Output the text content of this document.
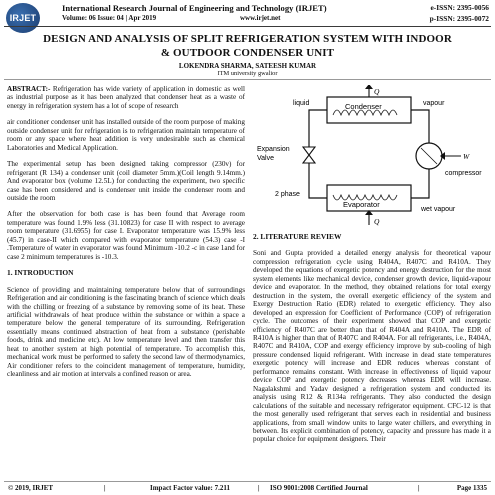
IRJET
International Research Journal of Engineering and Technology (IRJET)
Volume: 06 Issue: 04 | Apr 2019	www.irjet.net
e-ISSN: 2395-0056
p-ISSN: 2395-0072
DESIGN AND ANALYSIS OF SPLIT REFRIGERATION SYSTEM WITH INDOOR
& OUTDOOR CONDENSER UNIT
LOKENDRA SHARMA, SATEESH KUMAR
ITM university gwalior

ABSTRACT:- Refrigeration has wide variety of application in domestic as well as industrial purpose as it has been analyzed that condenser heat as a waste of energy in refrigeration system has a lot of scope of research

air conditioner condenser unit has installed outside of the room purpose of making outside condenser unit for refrigeration is to refrigeration maintain temperature of room or any space where heat addition is very undesirable such as chemical Laboratories and Medical Application.

The experimental setup has been designed taking compressor (230v) for refrigerant (R 134) a condenser unit (coil diameter 5mm.)(Coil length 9.14mm.) And evaporator box (volume 12.5L) for conducting the experiment, two specific case has been considered and is condenser unit inside the condenser room and outside the room

After the observation for both case is has been found that Average room temperature was found 1.9% less (31.10823) for case II with respect to average room temperature (31.6955) for case I. Evaporator temperature was 15.9% less (45.7) in case-II which compared with evaporator temperature (54.3) case -I .Temperature of water in evaporator was found Minimum -10.2 -c in case 1and for case 2 minimum temperatures is -10.3.

1. INTRODUCTION

Science of providing and maintaining temperature below that of surroundings Refrigeration and air conditioning is the fascinating branch of science which deals with the chilling or freezing of a substance by removing some of its heat. These artificial withdrawals of heat produce within the substance or within a space a temperature below the general temperature of its surrounding. Refrigeration essentially means continued abstraction of heat from a substance (perishable foods, drink and medicine etc). At low temperature level and then transfer this heat to another system at high potential of temperature. To accomplish this, mechanical work must be performed to safety the second law of thermodynamics, Air conditioner refers to the coincident management of temperature, humidity, cleanliness and air motion at intervals a confined reason or area.

liquid	Condenser	vapour
Expansion
Valve
compressor
2 phase
Evaporator
wet vapour
Q
Q
W
2. LITERATURE REVIEW

Soni and Gupta provided a detailed energy analysis for theoretical vapour compression refrigeration cycle using R404A, R407C and R410A. They developed the equations of exergetic potency and energy destruction for the most system elements like mechanical device, condenser growth device, liquid-vapour device and evaporator. In the method, they obtained relations for total exergy destruction in the system, the overall exergetic efficiency of the system and Exergy Destruction Ratio (EDR) related to exergetic efficiency. They also developed an expression for Coefficient of Performance (COP) of refrigeration cycle. The outcomes of their experiment showed that COP and exergetic efficiency of R407C are better than that of R404A and R410A. The EDR of R410A is higher than that of R407C and R404A. For all refrigerants, i.e., R404A, R407C and R410A, COP and exergy efficiency improve by sub-cooling of high pressure condensed liquid refrigerant. With increase in dead state temperatures exergetic potency will increase and EDR reduces whereas constant of performance remains constant. With increase in effectiveness of liquid vapour device COP and exergetic potency decreases whereas EDR will increase. Nagalakshmi and Yadav designed a refrigeration system and conducted its analysis using R12 & R134a refrigerants. They also conducted the design calculations of the suitable and necessary refrigerator equipment. CFC-12 is that the most generally used refrigerant that serves each in residential and business applications, from small window units to large water chillers, and everything in between. Its explicit combination of potency, capacity and pressure has made it a popular choice for equipment designers. Their

© 2019, IRJET	|	Impact Factor value: 7.211	| ISO 9001:2008 Certified Journal	|	Page 1335
